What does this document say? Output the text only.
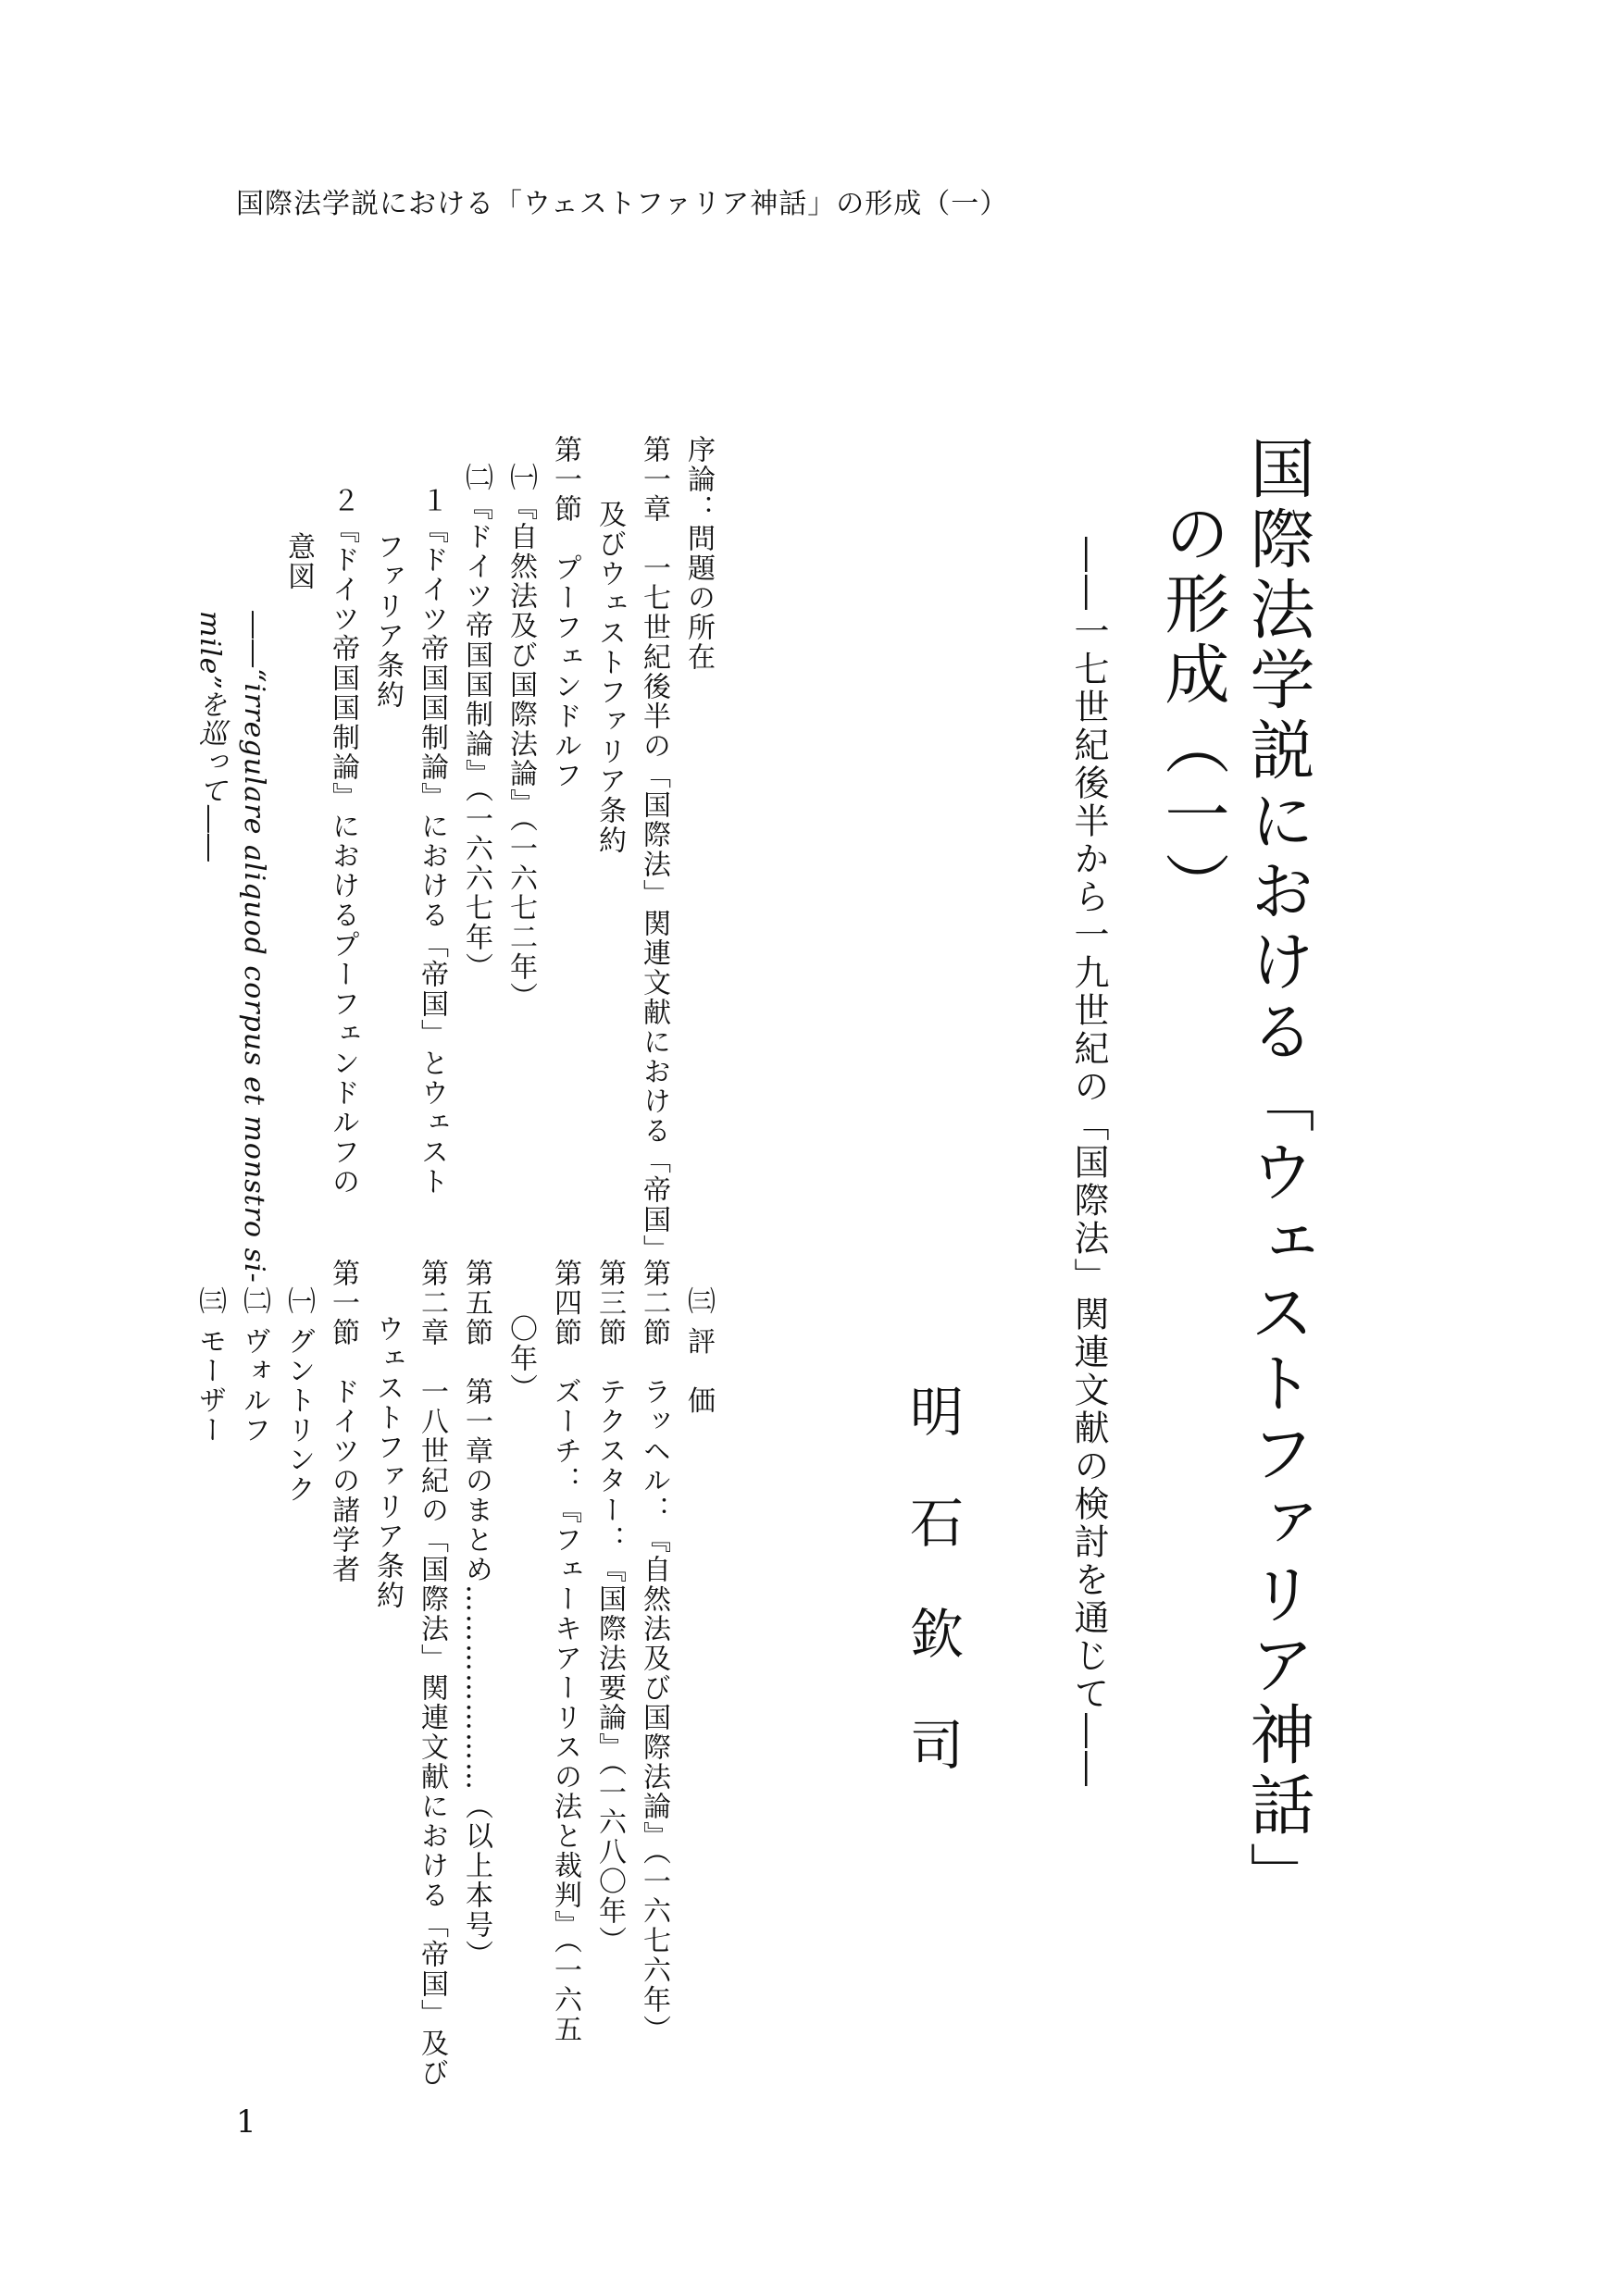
国際法学説における「ウェストファリア神話」の形成（一）
国際法学説における「ウェストファリア神話」
の形成（一）
――一七世紀後半から一九世紀の「国際法」関連文献の検討を通じて――
明石欽司
序論：問題の所在
第一章　一七世紀後半の「国際法」関連文献における「帝国」
及びウェストファリア条約
第一節　プーフェンドルフ
㈠『自然法及び国際法論』（一六七二年）
㈡『ドイツ帝国国制論』（一六六七年）
１『ドイツ帝国国制論』における「帝国」とウェスト
ファリア条約
２『ドイツ帝国国制論』におけるプーフェンドルフの
意図
――“irregulare aliquod corpus et monstro si-
mile”を巡って――
㈢ 評　価
第二節　ラッヘル：『自然法及び国際法論』（一六七六年）
第三節　テクスター：『国際法要論』（一六八〇年）
第四節　ズーチ：『フェーキアーリスの法と裁判』（一六五
〇年）
第五節　第一章のまとめ…………………（以上本号）
第二章　一八世紀の「国際法」関連文献における「帝国」及び
ウェストファリア条約
第一節　ドイツの諸学者
㈠ グントリンク
㈡ ヴォルフ
㈢ モーザー
1
